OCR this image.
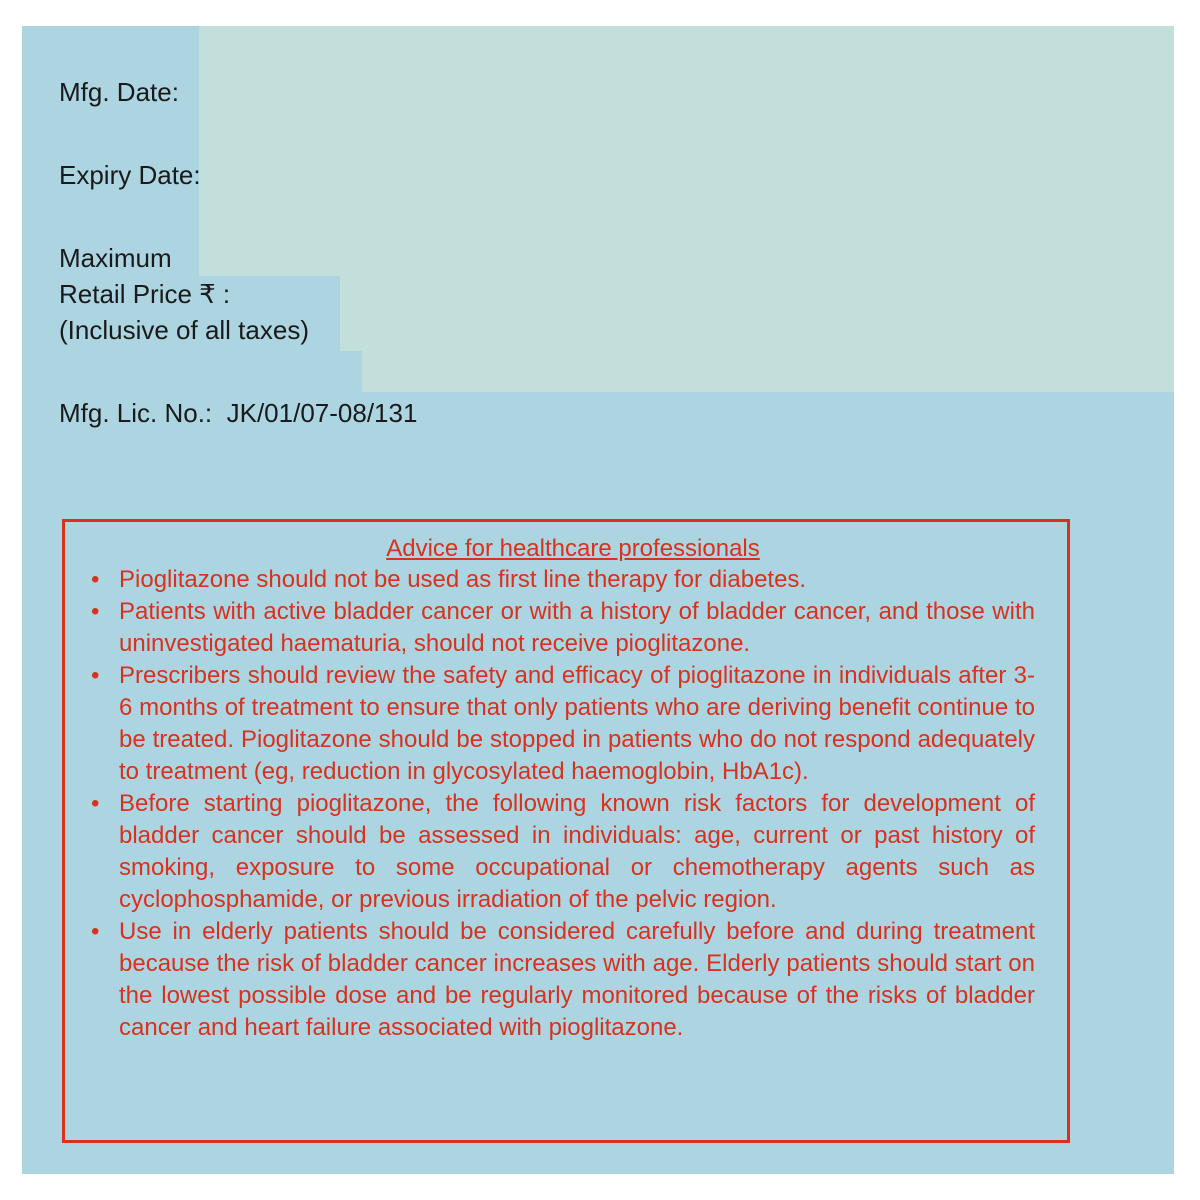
Mfg. Date:
Expiry Date:
Maximum
Retail Price ₹ :
(Inclusive of all taxes)
Mfg. Lic. No.: JK/01/07-08/131
Advice for healthcare professionals
• Pioglitazone should not be used as first line therapy for diabetes.
• Patients with active bladder cancer or with a history of bladder cancer, and those with uninvestigated haematuria, should not receive pioglitazone.
• Prescribers should review the safety and efficacy of pioglitazone in individuals after 3-6 months of treatment to ensure that only patients who are deriving benefit continue to be treated. Pioglitazone should be stopped in patients who do not respond adequately to treatment (eg, reduction in glycosylated haemoglobin, HbA1c).
• Before starting pioglitazone, the following known risk factors for development of bladder cancer should be assessed in individuals: age, current or past history of smoking, exposure to some occupational or chemotherapy agents such as cyclophosphamide, or previous irradiation of the pelvic region.
• Use in elderly patients should be considered carefully before and during treatment because the risk of bladder cancer increases with age. Elderly patients should start on the lowest possible dose and be regularly monitored because of the risks of bladder cancer and heart failure associated with pioglitazone.
